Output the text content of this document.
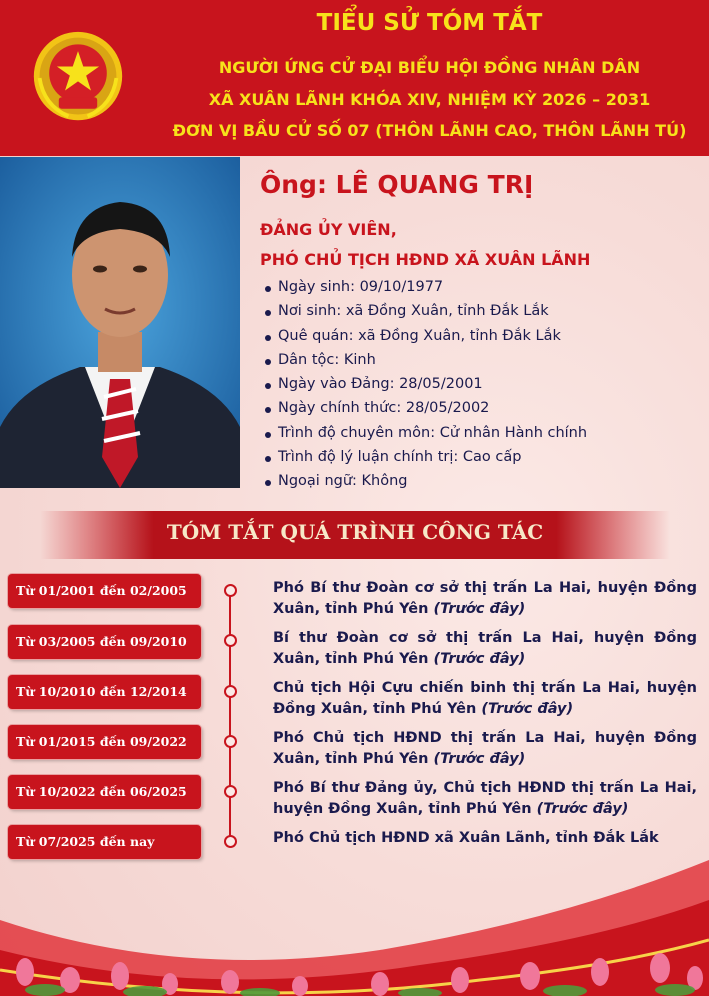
TIỂU SỬ TÓM TẮT
NGƯỜI ỨNG CỬ ĐẠI BIỂU HỘI ĐỒNG NHÂN DÂN
XÃ XUÂN LÃNH KHÓA XIV, NHIỆM KỲ 2026 – 2031
ĐƠN VỊ BẦU CỬ SỐ 07 (THÔN LÃNH CAO, THÔN LÃNH TÚ)
Ông: LÊ QUANG TRỊ
ĐẢNG ỦY VIÊN,
PHÓ CHỦ TỊCH HĐND XÃ XUÂN LÃNH
Ngày sinh: 09/10/1977
Nơi sinh: xã Đồng Xuân, tỉnh Đắk Lắk
Quê quán: xã Đồng Xuân, tỉnh Đắk Lắk
Dân tộc: Kinh
Ngày vào Đảng: 28/05/2001
Ngày chính thức: 28/05/2002
Trình độ chuyên môn: Cử nhân Hành chính
Trình độ lý luận chính trị: Cao cấp
Ngoại ngữ: Không
TÓM TẮT QUÁ TRÌNH CÔNG TÁC
Từ 01/2001 đến 02/2005
Từ 03/2005 đến 09/2010
Từ 10/2010 đến 12/2014
Từ 01/2015 đến 09/2022
Từ 10/2022 đến 06/2025
Từ 07/2025 đến nay
Phó Bí thư Đoàn cơ sở thị trấn La Hai, huyện Đồng Xuân, tỉnh Phú Yên (Trước đây)
Bí thư Đoàn cơ sở thị trấn La Hai, huyện Đồng Xuân, tỉnh Phú Yên (Trước đây)
Chủ tịch Hội Cựu chiến binh thị trấn La Hai, huyện Đồng Xuân, tỉnh Phú Yên (Trước đây)
Phó Chủ tịch HĐND thị trấn La Hai, huyện Đồng Xuân, tỉnh Phú Yên (Trước đây)
Phó Bí thư Đảng ủy, Chủ tịch HĐND thị trấn La Hai, huyện Đồng Xuân, tỉnh Phú Yên (Trước đây)
Phó Chủ tịch HĐND xã Xuân Lãnh, tỉnh Đắk Lắk
